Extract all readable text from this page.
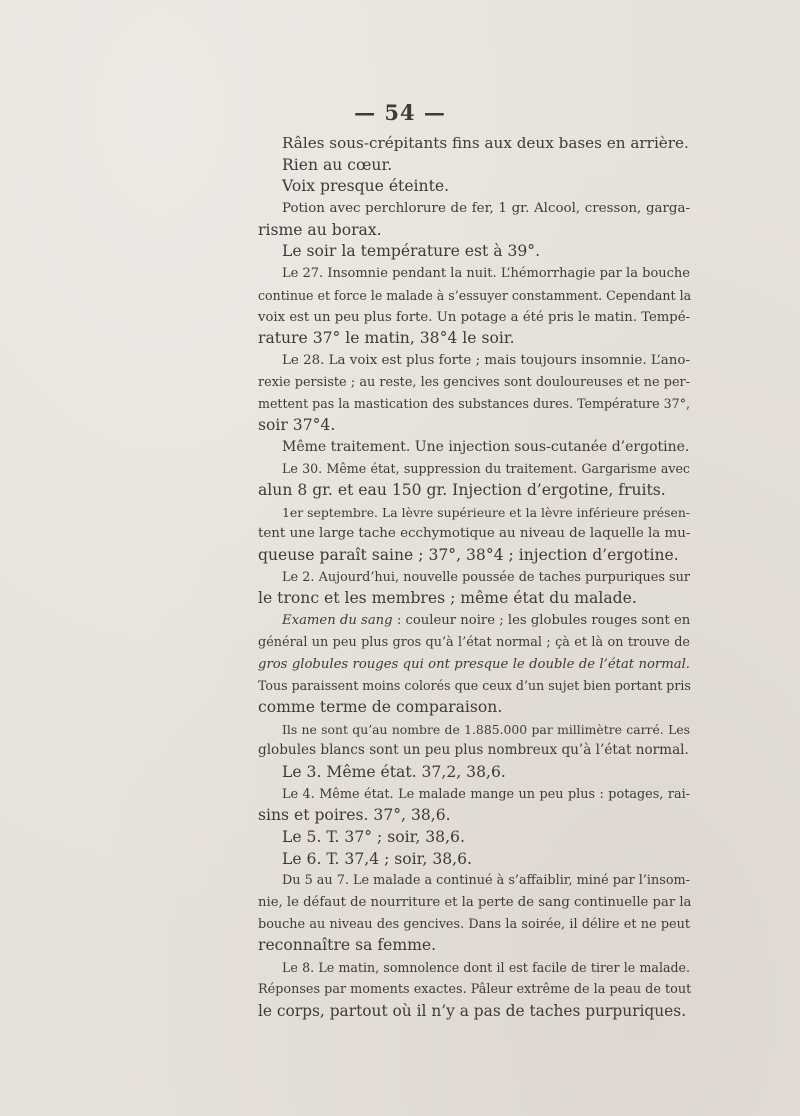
— 54 —
Râles sous-crépitants fins aux deux bases en arrière.
Rien au cœur.
Voix presque éteinte.
Potion avec perchlorure de fer, 1 gr. Alcool, cresson, garga-
risme au borax.
Le soir la température est à 39°.
Le 27. Insomnie pendant la nuit. L’hémorrhagie par la bouche
continue et force le malade à s’essuyer constamment. Cependant la
voix est un peu plus forte. Un potage a été pris le matin. Tempé-
rature 37° le matin, 38°4 le soir.
Le 28. La voix est plus forte ; mais toujours insomnie. L’ano-
rexie persiste ; au reste, les gencives sont douloureuses et ne per-
mettent pas la mastication des substances dures. Température 37°,
soir 37°4.
Même traitement. Une injection sous-cutanée d’ergotine.
Le 30. Même état, suppression du traitement. Gargarisme avec
alun 8 gr. et eau 150 gr. Injection d’ergotine, fruits.
1er septembre. La lèvre supérieure et la lèvre inférieure présen-
tent une large tache ecchymotique au niveau de laquelle la mu-
queuse paraît saine ; 37°, 38°4 ; injection d’ergotine.
Le 2. Aujourd’hui, nouvelle poussée de taches purpuriques sur
le tronc et les membres ; même état du malade.
Examen du sang : couleur noire ; les globules rouges sont en
général un peu plus gros qu’à l’état normal ; çà et là on trouve de
gros globules rouges qui ont presque le double de l’état normal.
Tous paraissent moins colorés que ceux d’un sujet bien portant pris
comme terme de comparaison.
Ils ne sont qu’au nombre de 1.885.000 par millimètre carré. Les
globules blancs sont un peu plus nombreux qu’à l’état normal.
Le 3. Même état. 37,2, 38,6.
Le 4. Même état. Le malade mange un peu plus : potages, rai-
sins et poires. 37°, 38,6.
Le 5. T. 37° ; soir, 38,6.
Le 6. T. 37,4 ; soir, 38,6.
Du 5 au 7. Le malade a continué à s’affaiblir, miné par l’insom-
nie, le défaut de nourriture et la perte de sang continuelle par la
bouche au niveau des gencives. Dans la soirée, il délire et ne peut
reconnaître sa femme.
Le 8. Le matin, somnolence dont il est facile de tirer le malade.
Réponses par moments exactes. Pâleur extrême de la peau de tout
le corps, partout où il n’y a pas de taches purpuriques.
